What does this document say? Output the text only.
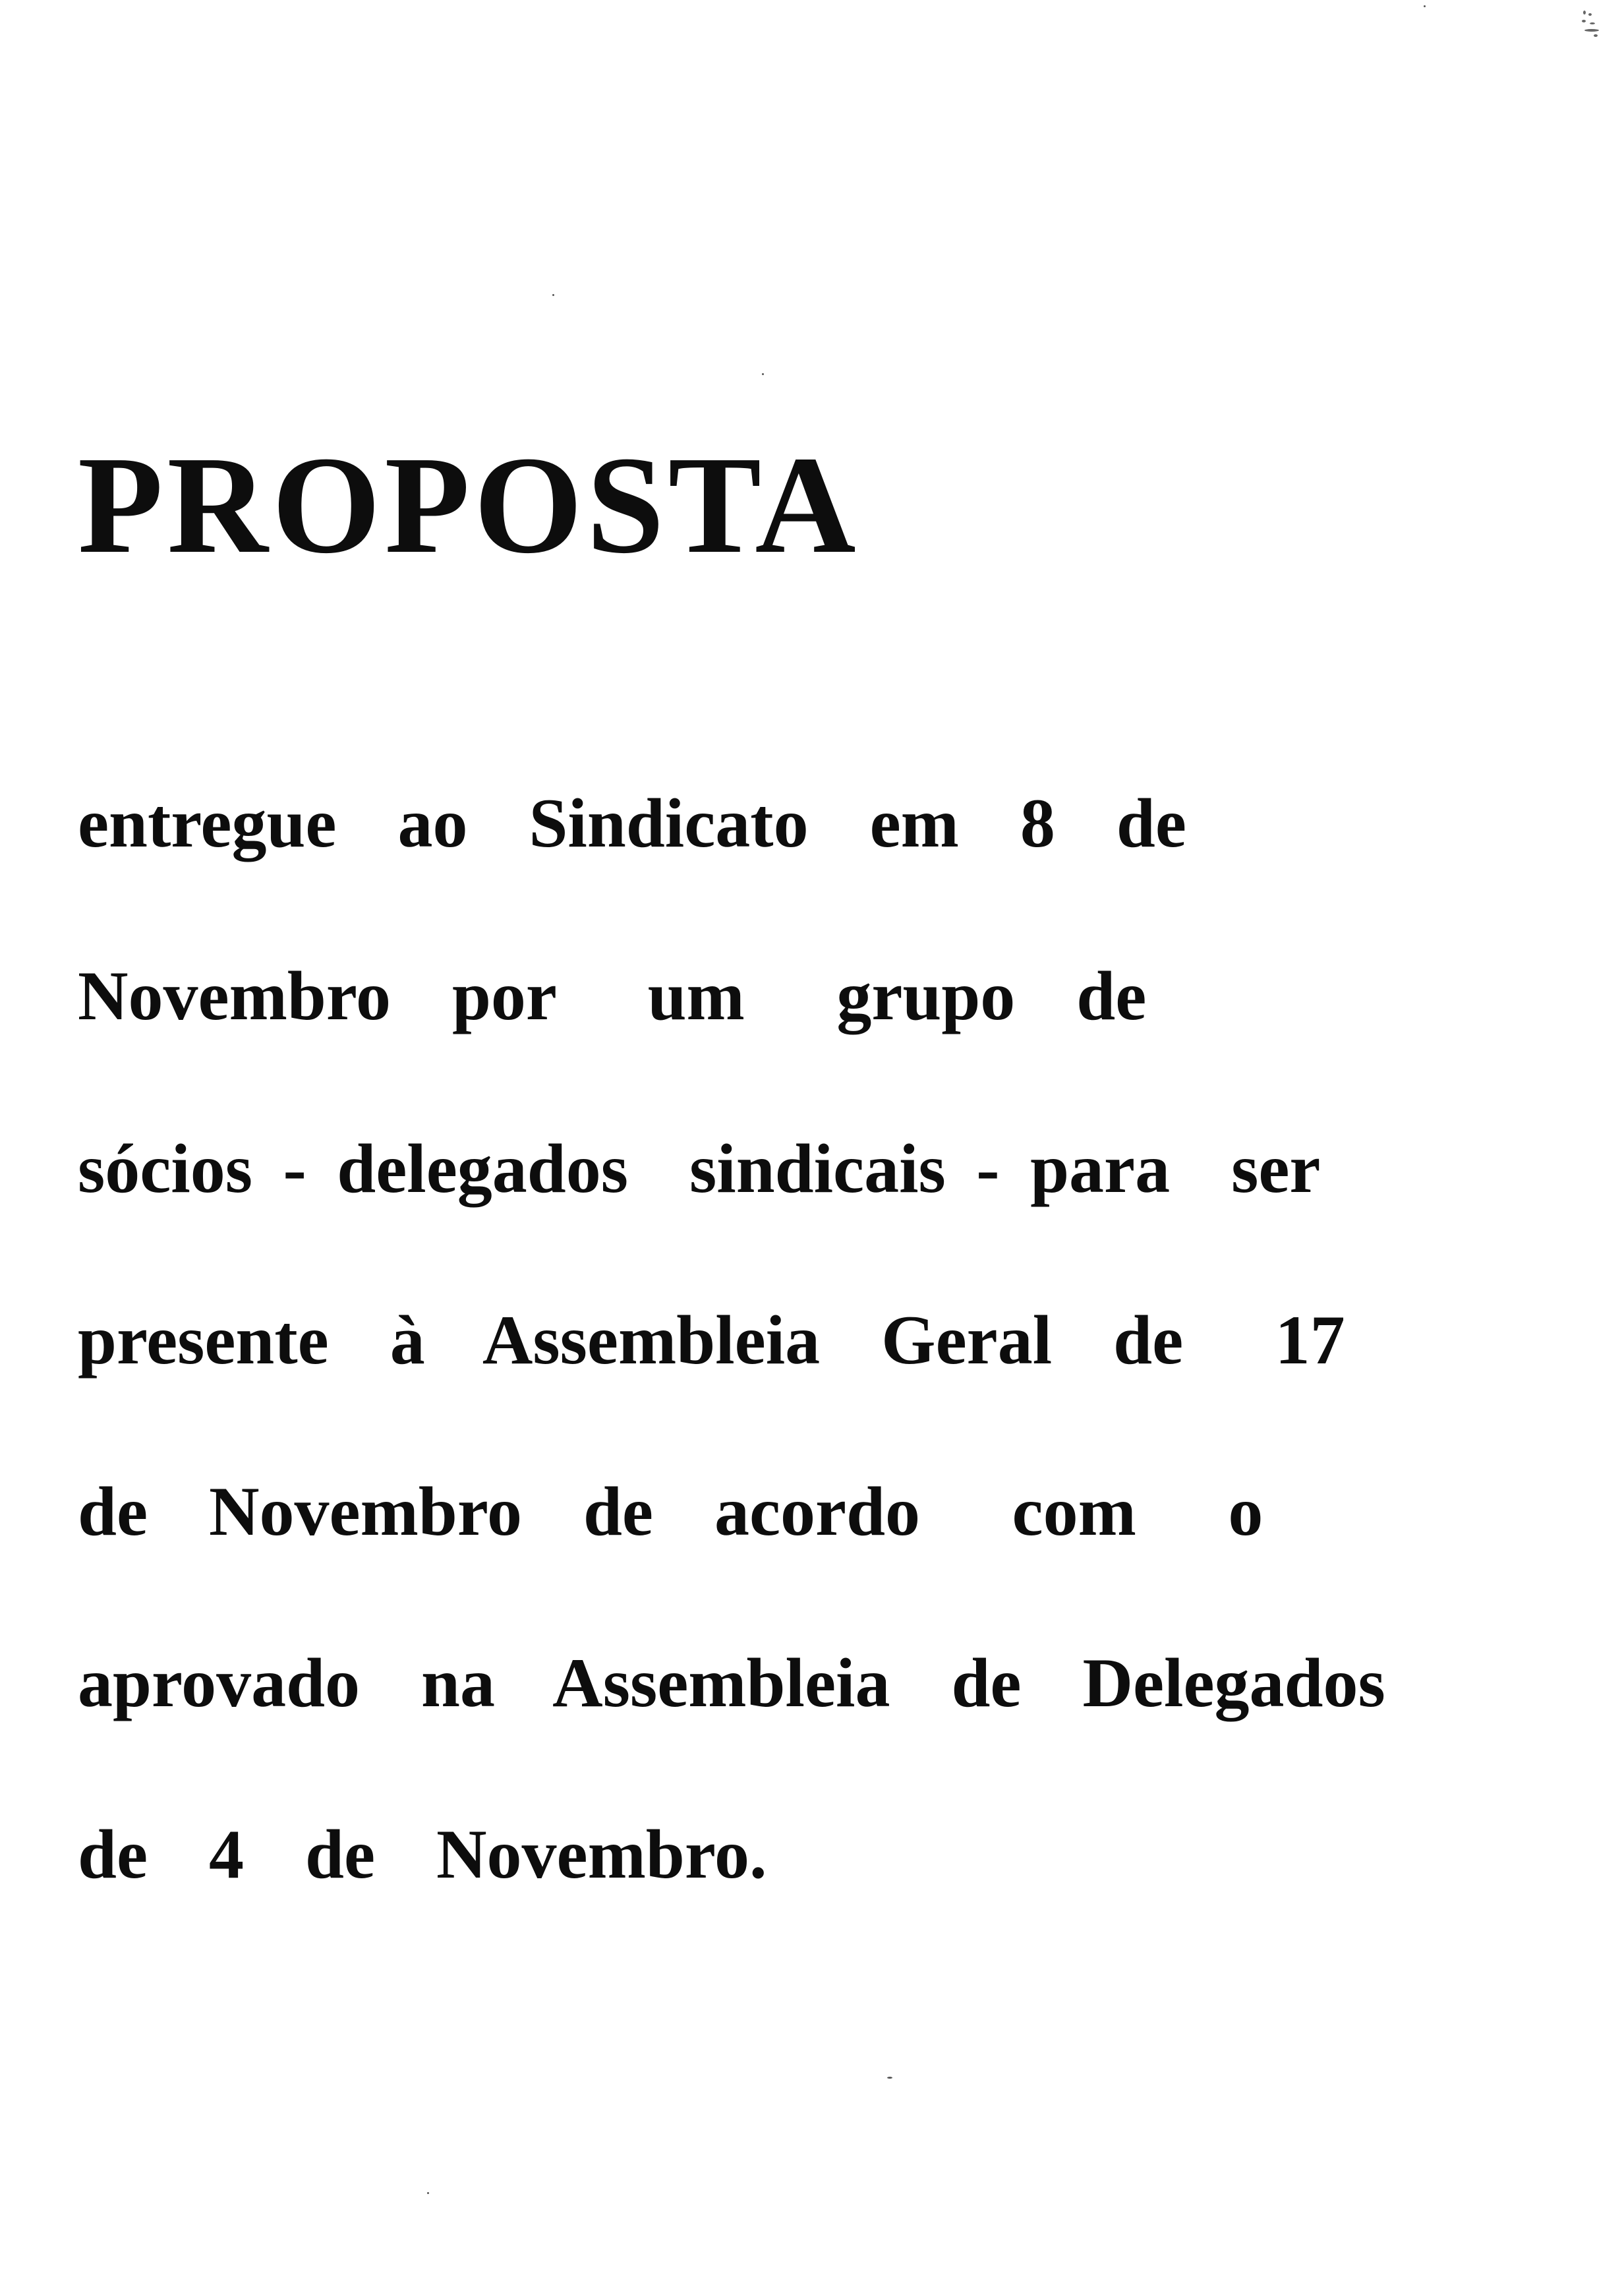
PROPOSTA

entregue  ao  Sindicato  em  8  de

Novembro  por   um   grupo  de

sócios - delegados  sindicais - para  ser

presente  à  Assembleia  Geral  de   17

de  Novembro  de  acordo   com   o

aprovado  na  Assembleia  de  Delegados

de  4  de  Novembro.
